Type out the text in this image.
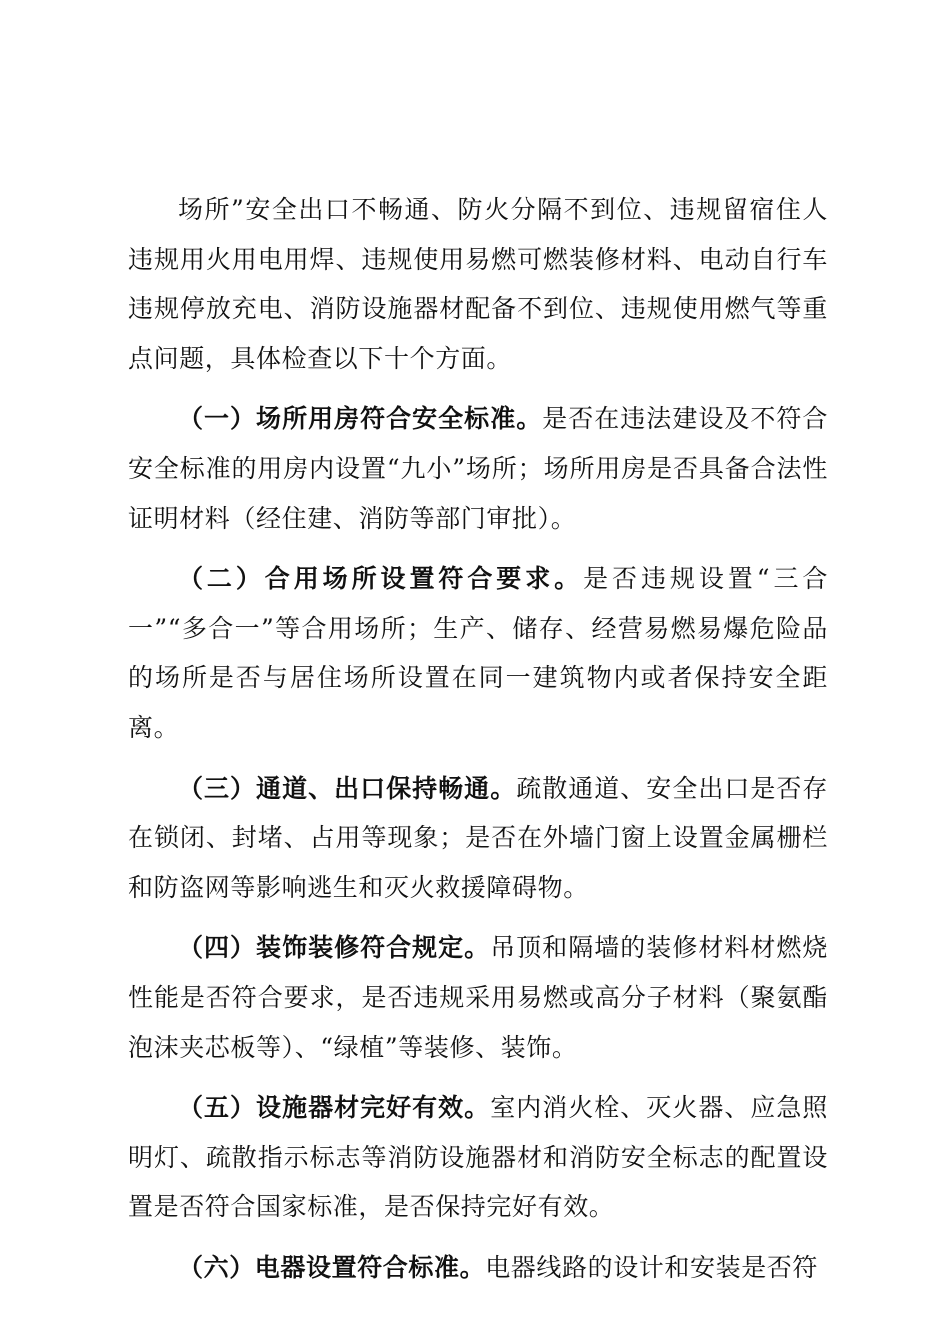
场所”安全出口不畅通、防火分隔不到位、违规留宿住人违规用火用电用焊、违规使用易燃可燃装修材料、电动自行车违规停放充电、消防设施器材配备不到位、违规使用燃气等重点问题，具体检查以下十个方面。

（一）场所用房符合安全标准。是否在违法建设及不符合安全标准的用房内设置“九小”场所；场所用房是否具备合法性证明材料（经住建、消防等部门审批）。

（二）合用场所设置符合要求。是否违规设置“三合一”“多合一”等合用场所；生产、储存、经营易燃易爆危险品的场所是否与居住场所设置在同一建筑物内或者保持安全距离。

（三）通道、出口保持畅通。疏散通道、安全出口是否存在锁闭、封堵、占用等现象；是否在外墙门窗上设置金属栅栏和防盗网等影响逃生和灭火救援障碍物。

（四）装饰装修符合规定。吊顶和隔墙的装修材料材燃烧性能是否符合要求，是否违规采用易燃或高分子材料（聚氨酯泡沫夹芯板等）、“绿植”等装修、装饰。

（五）设施器材完好有效。室内消火栓、灭火器、应急照明灯、疏散指示标志等消防设施器材和消防安全标志的配置设置是否符合国家标准，是否保持完好有效。

（六）电器设置符合标准。电器线路的设计和安装是否符
